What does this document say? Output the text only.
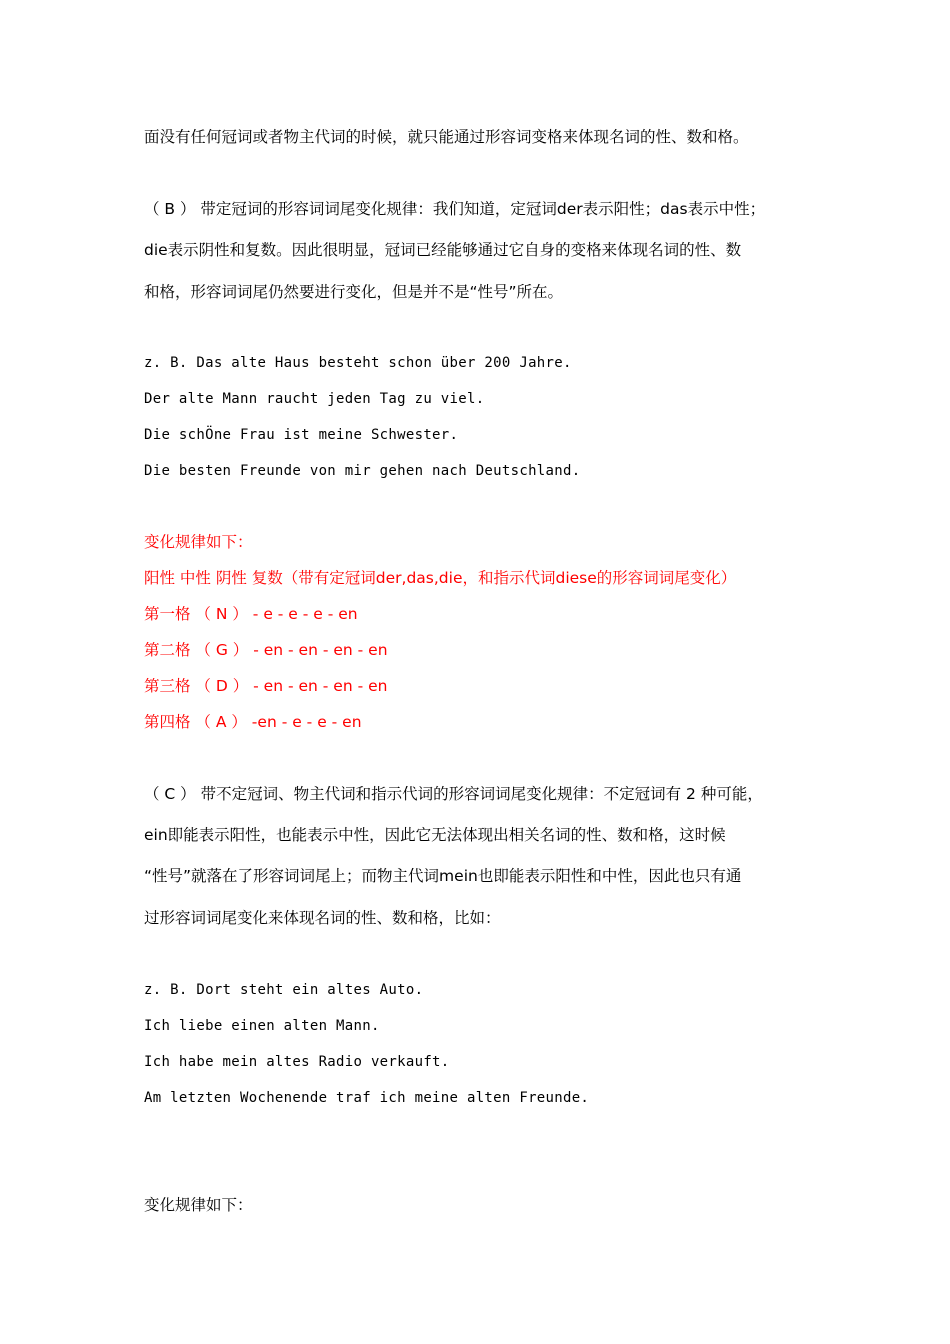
面没有任何冠词或者物主代词的时候，就只能通过形容词变格来体现名词的性、数和格。
（ B ） 带定冠词的形容词词尾变化规律：我们知道，定冠词der表示阳性；das表示中性；
die表示阴性和复数。因此很明显，冠词已经能够通过它自身的变格来体现名词的性、数
和格，形容词词尾仍然要进行变化，但是并不是“性号”所在。
z. B. Das alte Haus besteht schon über 200 Jahre.
Der alte Mann raucht jeden Tag zu viel.
Die schÖne Frau ist meine Schwester.
Die besten Freunde von mir gehen nach Deutschland.
变化规律如下：
阳性 中性 阴性 复数（带有定冠词der,das,die，和指示代词diese的形容词词尾变化）
第一格 （ N ） - e - e - e - en
第二格 （ G ） - en - en - en - en
第三格 （ D ） - en - en - en - en
第四格 （ A ） -en - e - e - en
（ C ） 带不定冠词、物主代词和指示代词的形容词词尾变化规律：不定冠词有 2 种可能，
ein即能表示阳性，也能表示中性，因此它无法体现出相关名词的性、数和格，这时候
“性号”就落在了形容词词尾上；而物主代词mein也即能表示阳性和中性，因此也只有通
过形容词词尾变化来体现名词的性、数和格，比如：
z. B. Dort steht ein altes Auto.
Ich liebe einen alten Mann.
Ich habe mein altes Radio verkauft.
Am letzten Wochenende traf ich meine alten Freunde.
变化规律如下：
